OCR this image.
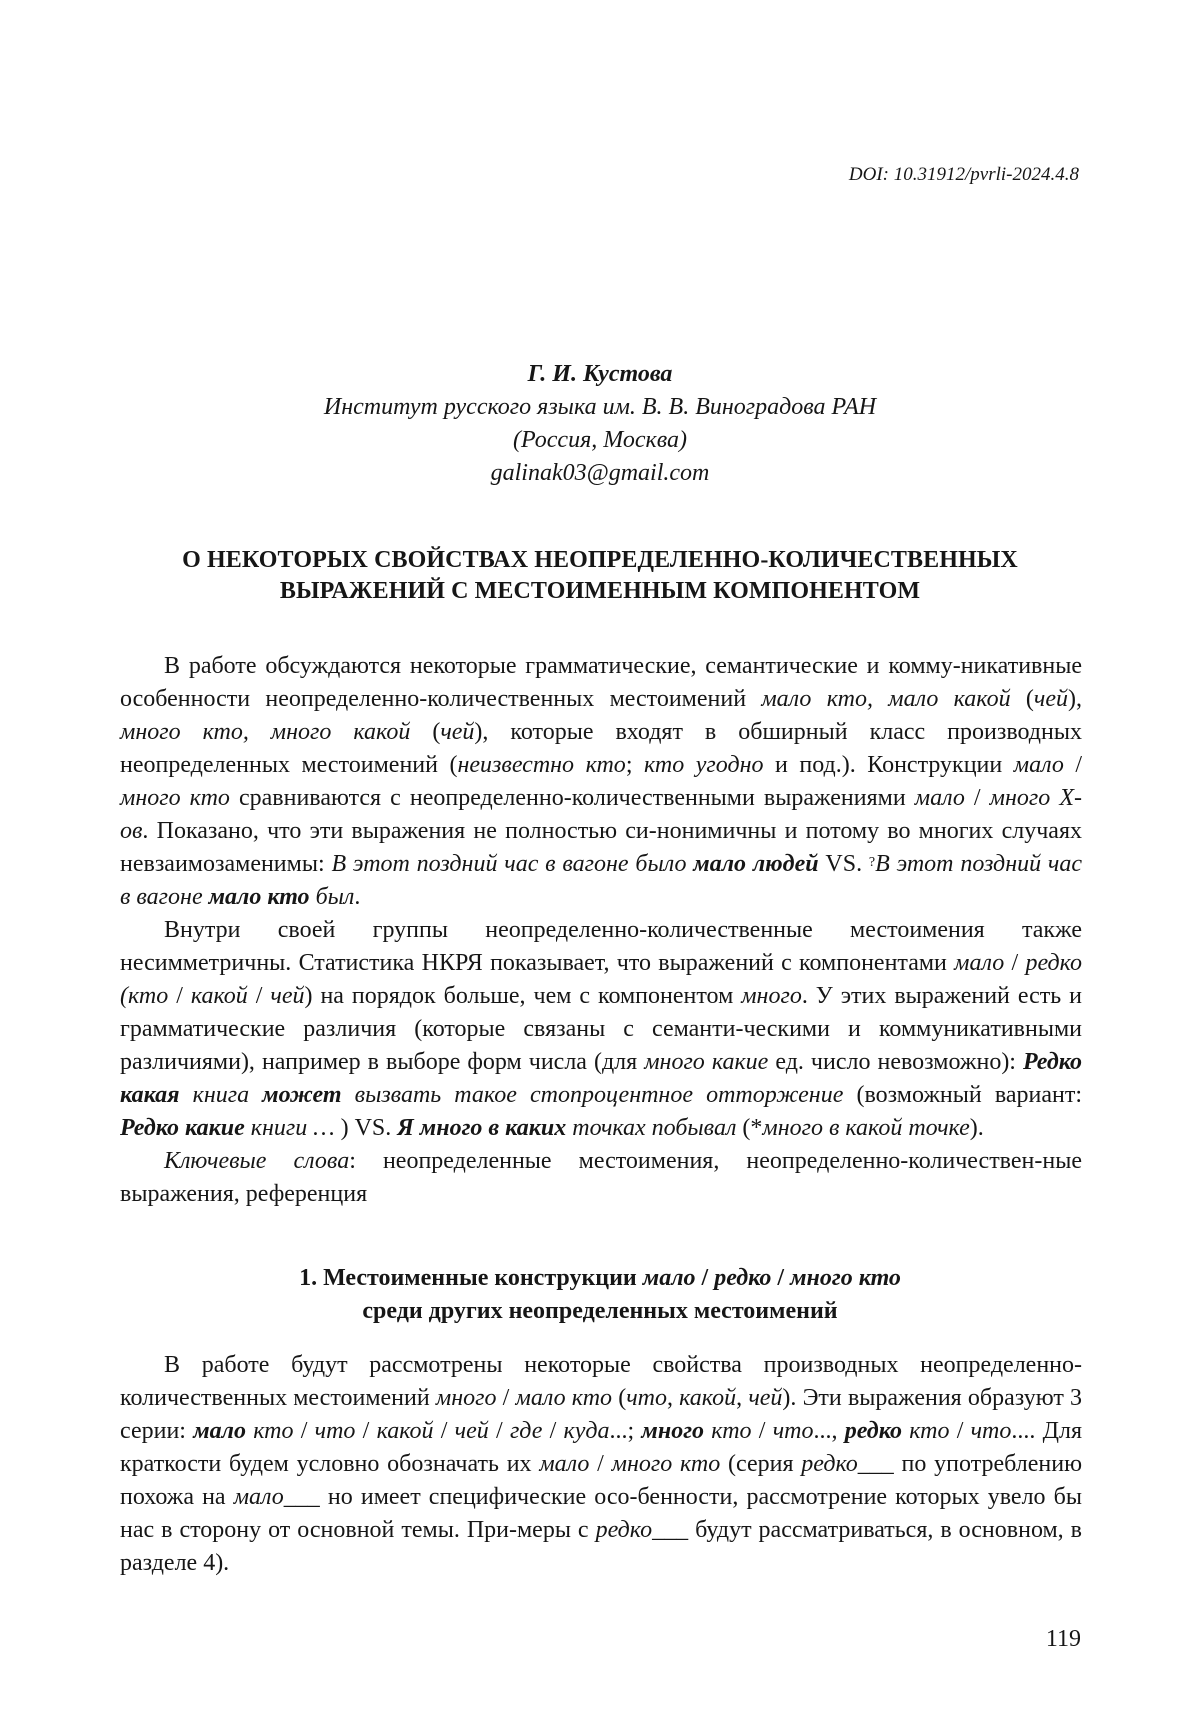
DOI: 10.31912/pvrli-2024.4.8
Г. И. Кустова
Институт русского языка им. В. В. Виноградова РАН
(Россия, Москва)
galinak03@gmail.com
О НЕКОТОРЫХ СВОЙСТВАХ НЕОПРЕДЕЛЕННО-КОЛИЧЕСТВЕННЫХ
ВЫРАЖЕНИЙ С МЕСТОИМЕННЫМ КОМПОНЕНТОМ

В работе обсуждаются некоторые грамматические, семантические и комму-никативные особенности неопределенно-количественных местоимений мало кто, мало какой (чей), много кто, много какой (чей), которые входят в обширный класс производных неопределенных местоимений (неизвестно кто; кто угодно и под.). Конструкции мало / много кто сравниваются с неопределенно-количественными выражениями мало / много Х-ов. Показано, что эти выражения не полностью си-нонимичны и потому во многих случаях невзаимозаменимы: В этот поздний час в вагоне было мало людей VS. ?В этот поздний час в вагоне мало кто был.

Внутри своей группы неопределенно-количественные местоимения также несимметричны. Статистика НКРЯ показывает, что выражений с компонентами мало / редко (кто / какой / чей) на порядок больше, чем с компонентом много. У этих выражений есть и грамматические различия (которые связаны с семанти-ческими и коммуникативными различиями), например в выборе форм числа (для много какие ед. число невозможно): Редко какая книга может вызвать такое стопроцентное отторжение (возможный вариант: Редко какие книги … ) VS. Я много в каких точках побывал (*много в какой точке).

Ключевые слова: неопределенные местоимения, неопределенно-количествен-ные выражения, референция

1. Местоименные конструкции мало / редко / много кто
среди других неопределенных местоимений

В работе будут рассмотрены некоторые свойства производных неопределенно-количественных местоимений много / мало кто (что, какой, чей). Эти выражения образуют 3 серии: мало кто / что / какой / чей / где / куда...; много кто / что..., редко кто / что.... Для краткости будем условно обозначать их мало / много кто (серия редко___ по употреблению похожа на мало___ но имеет специфические осо-бенности, рассмотрение которых увело бы нас в сторону от основной темы. При-меры с редко___ будут рассматриваться, в основном, в разделе 4).

119
